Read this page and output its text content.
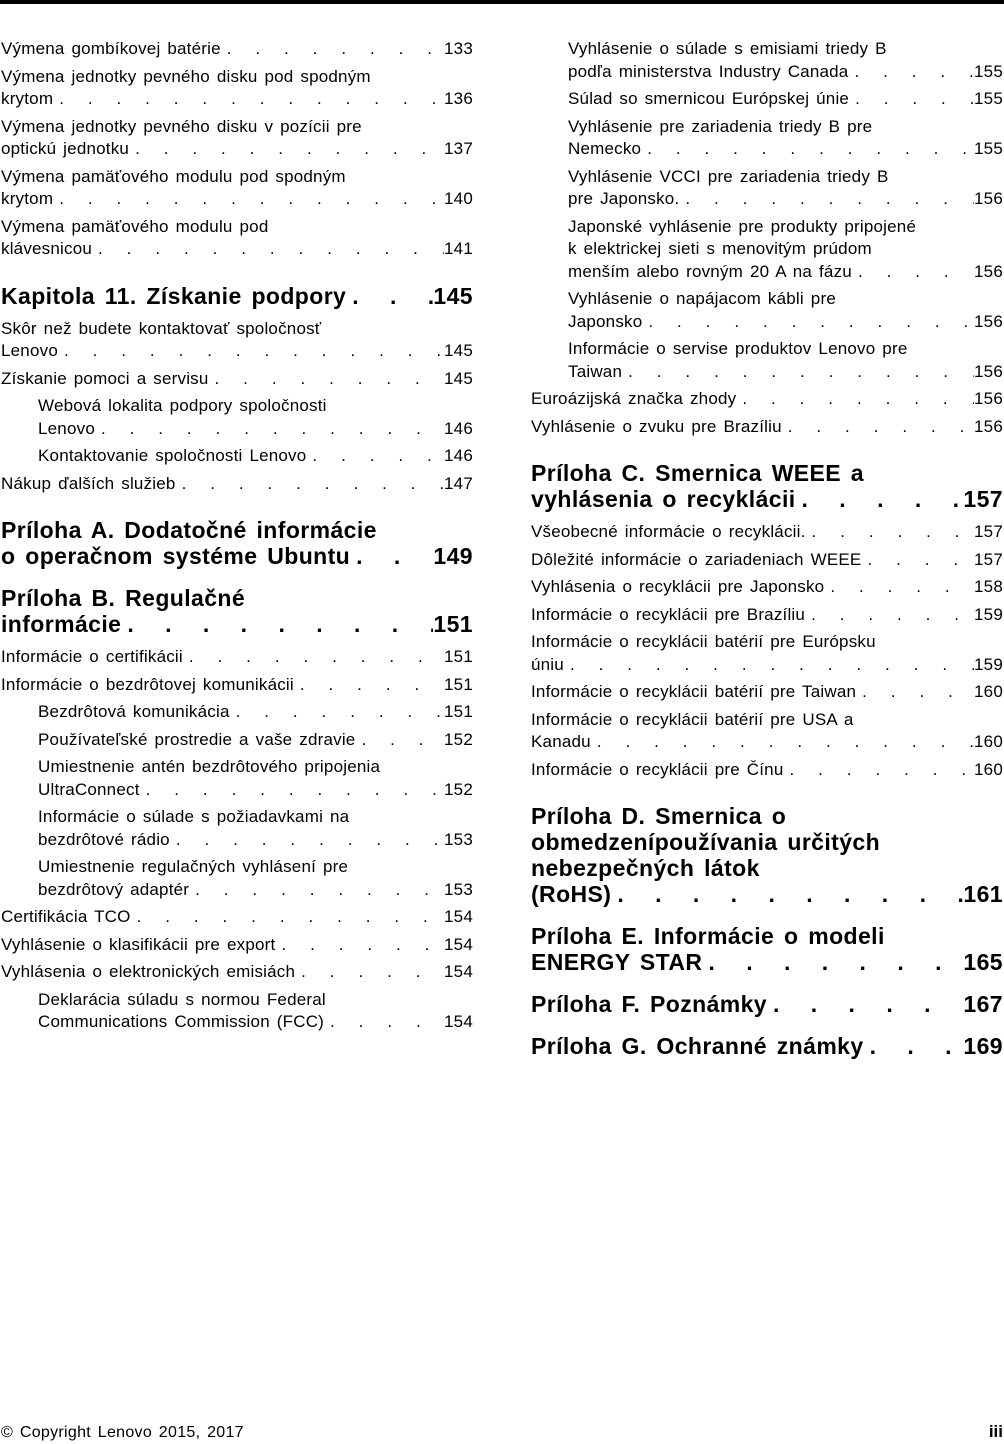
Výmena gombíkovej batérie . . .	133
Výmena jednotky pevného disku pod spodným
krytom . . .	136
Výmena jednotky pevného disku v pozícii pre
optickú jednotku . . .	137
Výmena pamäťového modulu pod spodným
krytom . . .	140
Výmena pamäťového modulu pod
klávesnicou . . .	141
Kapitola 11. Získanie podpory . . .	145
Skôr než budete kontaktovať spoločnosť
Lenovo . . .	145
Získanie pomoci a servisu . . .	145
Webová lokalita podpory spoločnosti
Lenovo . . .	146
Kontaktovanie spoločnosti Lenovo . . .	146
Nákup ďalších služieb . . .	147
Príloha A. Dodatočné informácie
o operačnom systéme Ubuntu . . .	149
Príloha B. Regulačné
informácie . . .	151
Informácie o certifikácii . . .	151
Informácie o bezdrôtovej komunikácii . . .	151
Bezdrôtová komunikácia . . .	151
Používateľské prostredie a vaše zdravie . . .	152
Umiestnenie antén bezdrôtového pripojenia
UltraConnect . . .	152
Informácie o súlade s požiadavkami na
bezdrôtové rádio . . .	153
Umiestnenie regulačných vyhlásení pre
bezdrôtový adaptér . . .	153
Certifikácia TCO . . .	154
Vyhlásenie o klasifikácii pre export . . .	154
Vyhlásenia o elektronických emisiách . . .	154
Deklarácia súladu s normou Federal
Communications Commission (FCC) . . .	154
Vyhlásenie o súlade s emisiami triedy B
podľa ministerstva Industry Canada . . .	155
Súlad so smernicou Európskej únie . . .	155
Vyhlásenie pre zariadenia triedy B pre
Nemecko . . .	155
Vyhlásenie VCCI pre zariadenia triedy B
pre Japonsko. . . .	156
Japonské vyhlásenie pre produkty pripojené
k elektrickej sieti s menovitým prúdom
menším alebo rovným 20 A na fázu . . .	156
Vyhlásenie o napájacom kábli pre
Japonsko . . .	156
Informácie o servise produktov Lenovo pre
Taiwan . . .	156
Euroázijská značka zhody . . .	156
Vyhlásenie o zvuku pre Brazíliu . . .	156
Príloha C. Smernica WEEE a
vyhlásenia o recyklácii . . .	157
Všeobecné informácie o recyklácii. . . .	157
Dôležité informácie o zariadeniach WEEE . . .	157
Vyhlásenia o recyklácii pre Japonsko . . .	158
Informácie o recyklácii pre Brazíliu . . .	159
Informácie o recyklácii batérií pre Európsku
úniu . . .	159
Informácie o recyklácii batérií pre Taiwan . . .	160
Informácie o recyklácii batérií pre USA a
Kanadu . . .	160
Informácie o recyklácii pre Čínu . . .	160
Príloha D. Smernica o obmedzenípoužívania určitých nebezpečných látok
(RoHS) . . .	161
Príloha E. Informácie o modeli
ENERGY STAR . . .	165
Príloha F. Poznámky . . .	167
Príloha G. Ochranné známky . . .	169
© Copyright Lenovo 2015, 2017	iii
